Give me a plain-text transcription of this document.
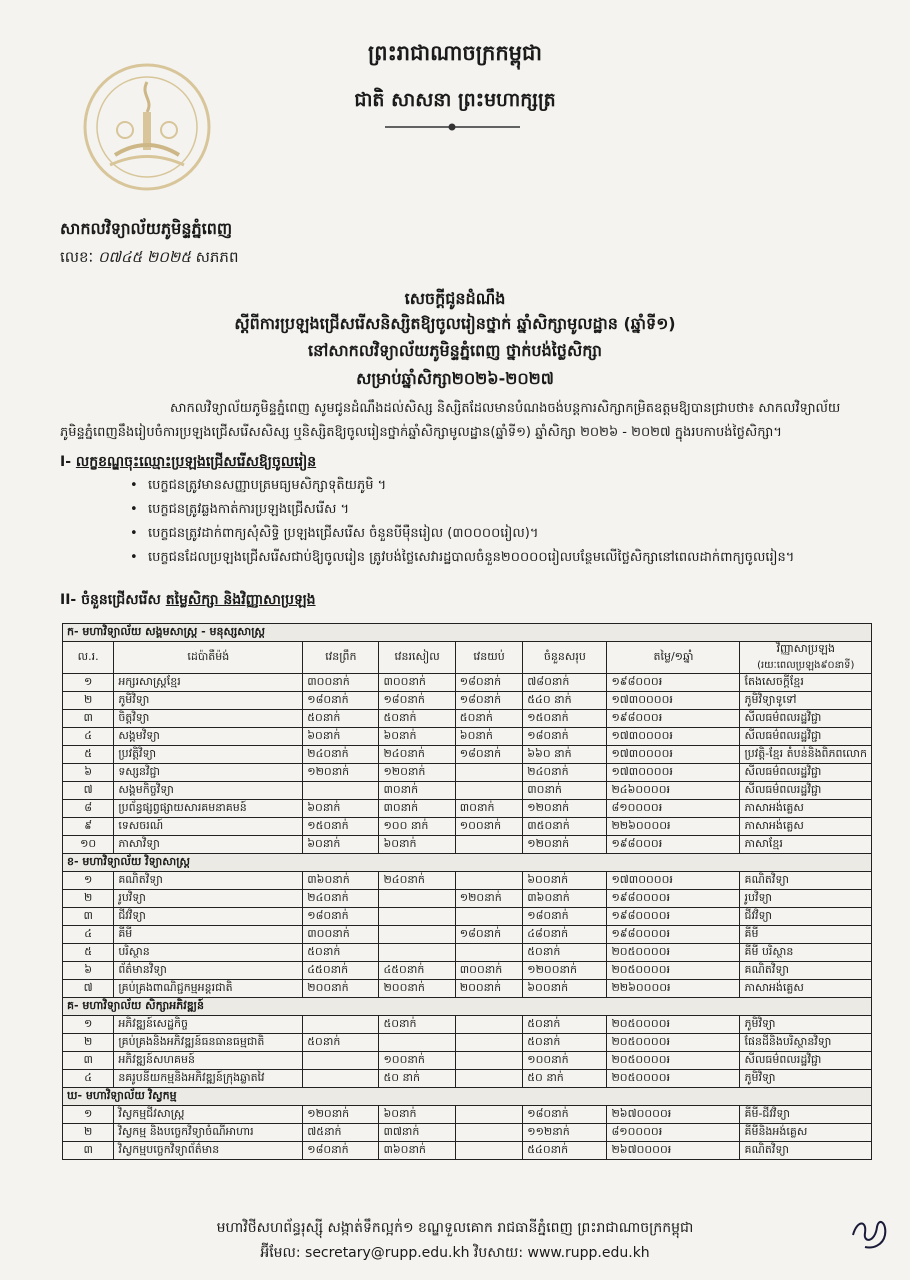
ព្រះរាជាណាចក្រកម្ពុជា
ជាតិ សាសនា ព្រះមហាក្សត្រ
សាកលវិទ្យាល័យភូមិន្ទភ្នំពេញ
លេខៈ ០៧៤៥ ២០២៥ សភភព
សេចក្ដីជូនដំណឹង
ស្ដីពីការប្រឡងជ្រើសរើសនិស្សិតឱ្យចូលរៀនថ្នាក់ ឆ្នាំសិក្សាមូលដ្ឋាន (ឆ្នាំទី១)
នៅសាកលវិទ្យាល័យភូមិន្ទភ្នំពេញ ថ្នាក់បង់ថ្លៃសិក្សា
សម្រាប់ឆ្នាំសិក្សា២០២៦-២០២៧
សាកលវិទ្យាល័យភូមិន្ទភ្នំពេញ សូមជូនដំណឹងដល់សិស្ស និស្សិតដែលមានបំណងចង់បន្តការសិក្សាកម្រិតឧត្តមឱ្យបានជ្រាបថា៖ សាកលវិទ្យាល័យភូមិន្ទភ្នំពេញនឹងរៀបចំការប្រឡងជ្រើសរើសសិស្ស ឬនិស្សិតឱ្យចូលរៀនថ្នាក់ឆ្នាំសិក្សាមូលដ្ឋាន(ឆ្នាំទី១) ឆ្នាំសិក្សា ២០២៦ - ២០២៧ ក្នុងរបកាបង់ថ្លៃសិក្សា។
I- លក្ខខណ្ឌចុះឈ្មោះប្រឡងជ្រើសរើសឱ្យចូលរៀន
• បេក្ខជនត្រូវមានសញ្ញាបត្រមធ្យមសិក្សាទុតិយភូមិ ។
• បេក្ខជនត្រូវឆ្លងកាត់ការប្រឡងជ្រើសរើស ។
• បេក្ខជនត្រូវដាក់ពាក្យសុំសិទ្ធិ ប្រឡងជ្រើសរើស ចំនួនបីម៉ឺនរៀល (៣០០០០រៀល)។
• បេក្ខជនដែលប្រឡងជ្រើសរើសជាប់ឱ្យចូលរៀន ត្រូវបង់ថ្លៃសេវារដ្ឋបាលចំនួន២០០០០រៀលបន្ថែមលើថ្លៃសិក្សានៅពេលដាក់ពាក្យចូលរៀន។
II- ចំនួនជ្រើសរើស តម្លៃសិក្សា និងវិញ្ញាសាប្រឡង
ក- មហាវិទ្យាល័យ សង្គមសាស្ត្រ - មនុស្សសាស្ត្រ							
ល.រ.	ដេប៉ាតឺម៉ង់	វេនព្រឹក	វេនរសៀល	វេនយប់	ចំនួនសរុប	តម្លៃ/១ឆ្នាំ	វិញ្ញាសាប្រឡង
(រយៈពេលប្រឡង៩០នាទី)

១	អក្សរសាស្ត្រខ្មែរ	៣០០នាក់	៣០០នាក់	១៨០នាក់	៧៨០នាក់	១៩៨០០០៛	តែងសេចក្ដីខ្មែរ
២	ភូមិវិទ្យា	១៨០នាក់	១៨០នាក់	១៨០នាក់	៥៤០ នាក់	១៧៣០០០០៛	ភូមិវិទ្យាទូទៅ
៣	ចិត្តវិទ្យា	៥០នាក់	៥០នាក់	៥០នាក់	១៥០នាក់	១៩៨០០០៛	សីលធម៌ពលរដ្ឋវិជ្ជា
៤	សង្គមវិទ្យា	៦០នាក់	៦០នាក់	៦០នាក់	១៨០នាក់	១៧៣០០០០៛	សីលធម៌ពលរដ្ឋវិជ្ជា
៥	ប្រវត្តិវិទ្យា	២៤០នាក់	២៤០នាក់	១៨០នាក់	៦៦០ នាក់	១៧៣០០០០៛	ប្រវត្តិ-ខ្មែរ តំបន់និងពិភពលោក
៦	ទស្សនវិជ្ជា	១២០នាក់	១២០នាក់		២៤០នាក់	១៧៣០០០០៛	សីលធម៌ពលរដ្ឋវិជ្ជា
៧	សង្គមកិច្ចវិទ្យា		៣០នាក់		៣០នាក់	២៤៦០០០០៛	សីលធម៌ពលរដ្ឋវិជ្ជា
៨	ប្រព័ន្ធផ្សព្វផ្សាយសារគមនាគមន៍	៦០នាក់	៣០នាក់	៣០នាក់	១២០នាក់	៨១០០០០៛	ភាសាអង់គ្លេស
៩	ទេសចរណ៍	១៥០នាក់	១០០ នាក់	១០០នាក់	៣៥០នាក់	២២៦០០០០៛	ភាសាអង់គ្លេស
១០	ភាសាវិទ្យា	៦០នាក់	៦០នាក់		១២០នាក់	១៩៨០០០៛	ភាសាខ្មែរ
ខ- មហាវិទ្យាល័យ វិទ្យាសាស្ត្រ							
១	គណិតវិទ្យា	៣៦០នាក់	២៤០នាក់		៦០០នាក់	១៧៣០០០០៛	គណិតវិទ្យា
២	រូបវិទ្យា	២៤០នាក់		១២០នាក់	៣៦០នាក់	១៩៨០០០០៛	រូបវិទ្យា
៣	ជីវវិទ្យា	១៨០នាក់			១៨០នាក់	១៩៨០០០០៛	ជីវវិទ្យា
៤	គីមី	៣០០នាក់		១៨០នាក់	៤៨០នាក់	១៩៨០០០០៛	គីមី
៥	បរិស្ថាន	៥០នាក់			៥០នាក់	២០៥០០០០៛	គីមី បរិស្ថាន
៦	ព័ត៌មានវិទ្យា	៤៥០នាក់	៤៥០នាក់	៣០០នាក់	១២០០នាក់	២០៥០០០០៛	គណិតវិទ្យា
៧	គ្រប់គ្រងពាណិជ្ជកម្មអន្តរជាតិ	២០០នាក់	២០០នាក់	២០០នាក់	៦០០នាក់	២២៦០០០០៛	ភាសាអង់គ្លេស
គ- មហាវិទ្យាល័យ សិក្សាអភិវឌ្ឍន៍							
១	អភិវឌ្ឍន៍សេដ្ឋកិច្ច		៥០នាក់		៥០នាក់	២០៥០០០០៛	ភូមិវិទ្យា
២	គ្រប់គ្រងនិងអភិវឌ្ឍន៍ធនធានធម្មជាតិ	៥០នាក់			៥០នាក់	២០៥០០០០៛	ផែនដីនិងបរិស្ថានវិទ្យា
៣	អភិវឌ្ឍន៍សហគមន៍		១០០នាក់		១០០នាក់	២០៥០០០០៛	សីលធម៌ពលរដ្ឋវិជ្ជា
៤	នគរូបនីយកម្មនិងអភិវឌ្ឍន៍ក្រុងឆ្លាតវៃ		៥០ នាក់		៥០ នាក់	២០៥០០០០៛	ភូមិវិទ្យា
ឃ- មហាវិទ្យាល័យ វិស្វកម្ម							
១	វិស្វកម្មជីវសាស្ត្រ	១២០នាក់	៦០នាក់		១៨០នាក់	២៦៧០០០០៛	គីមី-ជីវវិទ្យា
២	វិស្វកម្ម និងបច្ចេកវិទ្យាចំណីអាហារ	៧៥នាក់	៣៧នាក់		១១២នាក់	៨១០០០០៛	គីមីនិងអង់គ្លេស
៣	វិស្វកម្មបច្ចេកវិទ្យាព័ត៌មាន	១៨០នាក់	៣៦០នាក់		៥៤០នាក់	២៦៧០០០០៛	គណិតវិទ្យា
មហាវិថីសហព័ន្ធរុស្ស៊ី សង្កាត់ទឹកល្អក់១ ខណ្ឌទួលគោក រាជធានីភ្នំពេញ ព្រះរាជាណាចក្រកម្ពុជា
អ៊ីមែល: secretary@rupp.edu.kh វិបសាយ: www.rupp.edu.kh
